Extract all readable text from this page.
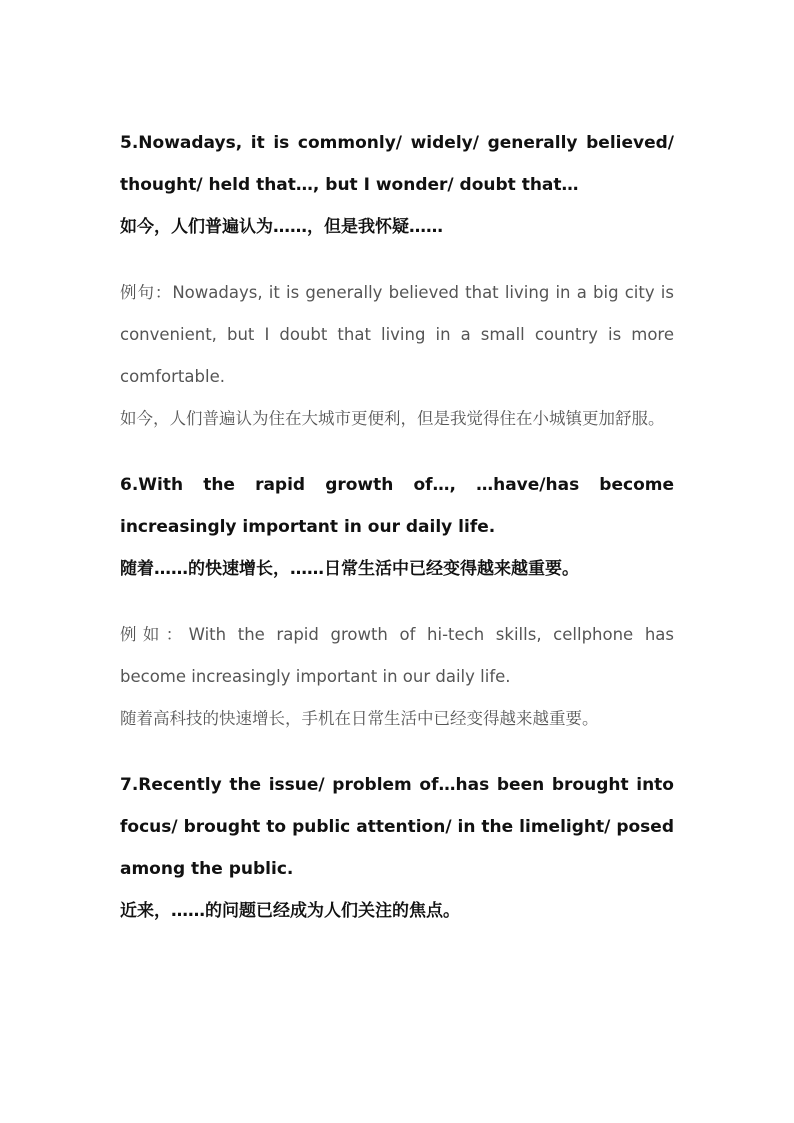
5.Nowadays, it is commonly/ widely/ generally believed/ thought/ held that…, but I wonder/ doubt that…

如今，人们普遍认为……，但是我怀疑……

例句：Nowadays, it is generally believed that living in a big city is convenient, but I doubt that living in a small country is more comfortable.

如今，人们普遍认为住在大城市更便利，但是我觉得住在小城镇更加舒服。

6.With the rapid growth of…, …have/has become increasingly important in our daily life.

随着……的快速增长，……日常生活中已经变得越来越重要。

例如：With the rapid growth of hi-tech skills, cellphone has become increasingly important in our daily life.

随着高科技的快速增长，手机在日常生活中已经变得越来越重要。

7.Recently the issue/ problem of…has been brought into focus/ brought to public attention/ in the limelight/ posed among the public.

近来，……的问题已经成为人们关注的焦点。
